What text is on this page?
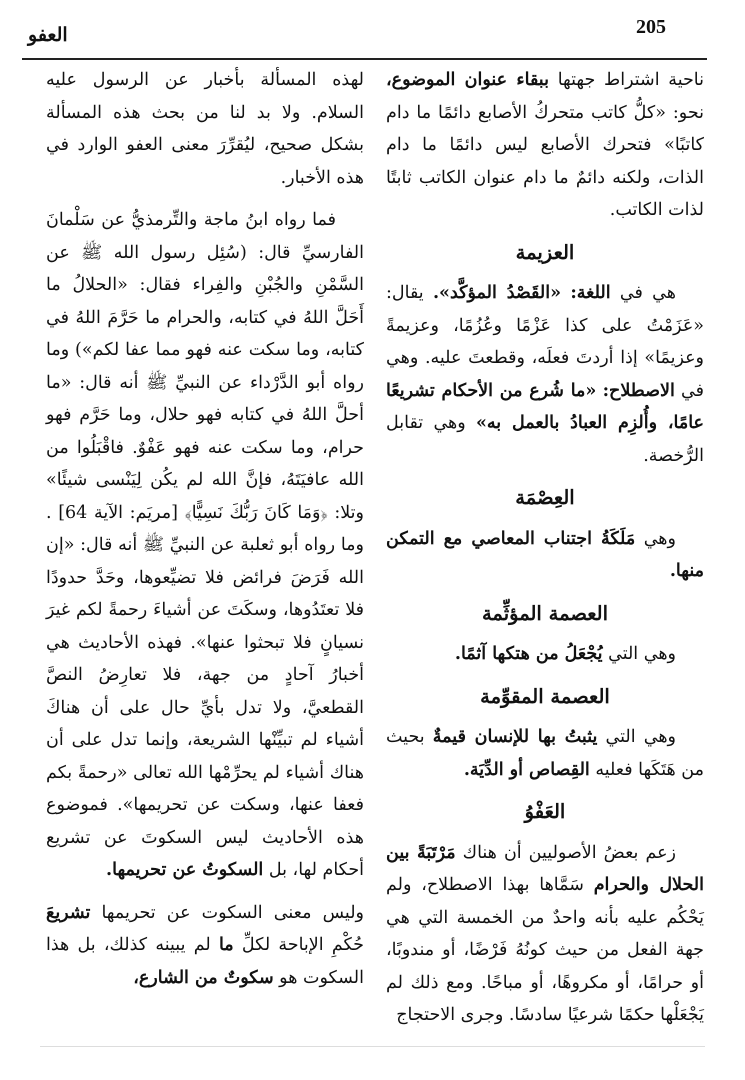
205
العفو

ناحية اشتراط جهتها ببقاء عنوان الموضوع، نحو: «كلُّ كاتب متحركُ الأصابع دائمًا ما دام كاتبًا» فتحرك الأصابع ليس دائمًا ما دام الذات، ولكنه دائمٌ ما دام عنوان الكاتب ثابتًا لذات الكاتب.

العزيمة

هي في اللغة: «القَصْدُ المؤكَّد». يقال: «عَزَمْتُ على كذا عَزْمًا وعُزُمًا، وعزيمةً وعزيمًا» إذا أردتَ فعلَه، وقطعتَ عليه. وهي في الاصطلاح: «ما شُرع من الأحكام تشريعًا عامًا، وأُلزِم العبادُ بالعمل به» وهي تقابل الرُّخصة.

العِصْمَة

وهي مَلَكَةُ اجتناب المعاصي مع التمكن منها.

العصمة المؤثِّمة

وهي التي يُجْعَلُ من هتكها آثمًا.

العصمة المقوِّمة

وهي التي يثبتُ بها للإنسان قيمةٌ بحيث من هَتَكَها فعليه القِصاص أو الدِّيَة.

العَفْوُ

زعم بعضُ الأصوليين أن هناك مَرْتَبَةً بين الحلال والحرام سَمَّاها بهذا الاصطلاح، ولم يَحْكُم عليه بأنه واحدٌ من الخمسة التي هي جهة الفعل من حيث كونُهُ فَرْضًا، أو مندوبًا، أو حرامًا، أو مكروهًا، أو مباحًا. ومع ذلك لم يَجْعَلْها حكمًا شرعيًا سادسًا. وجرى الاحتجاج

لهذه المسألة بأخبار عن الرسول عليه السلام. ولا بد لنا من بحث هذه المسألة بشكل صحيح، ليُقرِّرَ معنى العفو الوارد في هذه الأخبار.

فما رواه ابنُ ماجة والتِّرمذيُّ عن سَلْمانَ الفارسيِّ قال: (سُئِل رسول الله ﷺ عن السَّمْنِ والجُبْنِ والفِراء فقال: «الحلالُ ما أَحَلَّ اللهُ في كتابه، والحرام ما حَرَّمَ اللهُ في كتابه، وما سكت عنه فهو مما عفا لكم») وما رواه أبو الدَّرْداء عن النبيِّ ﷺ أنه قال: «ما أحلَّ اللهُ في كتابه فهو حلال، وما حَرَّم فهو حرام، وما سكت عنه فهو عَفْوٌ. فاقْبَلُوا من الله عافيَتَهُ، فإنَّ الله لم يكُن لِيَنْسى شيئًا» وتلا: ﴿وَمَا كَانَ رَبُّكَ نَسِيًّا﴾ [مريَم: الآية 64] . وما رواه أبو ثعلبة عن النبيِّ ﷺ أنه قال: «إن الله فَرَضَ فرائض فلا تضيِّعوها، وحَدَّ حدودًا فلا تعتَدُوها، وسكَتَ عن أشياءَ رحمةً لكم غيرَ نسيانٍ فلا تبحثوا عنها». فهذه الأحاديث هي أخبارُ آحادٍ من جهة، فلا تعارِضُ النصَّ القطعيَّ، ولا تدل بأيِّ حال على أن هناكَ أشياء لم تبيِّنْها الشريعة، وإنما تدل على أن هناك أشياء لم يحرِّمْها الله تعالى «رحمةً بكم فعفا عنها، وسكت عن تحريمها». فموضوع هذه الأحاديث ليس السكوتَ عن تشريع أحكام لها، بل السكوتُ عن تحريمها.

وليس معنى السكوت عن تحريمها تشريعَ حُكْمِ الإباحة لكلِّ ما لم يبينه كذلك، بل هذا السكوت هو سكوتٌ من الشارع،
